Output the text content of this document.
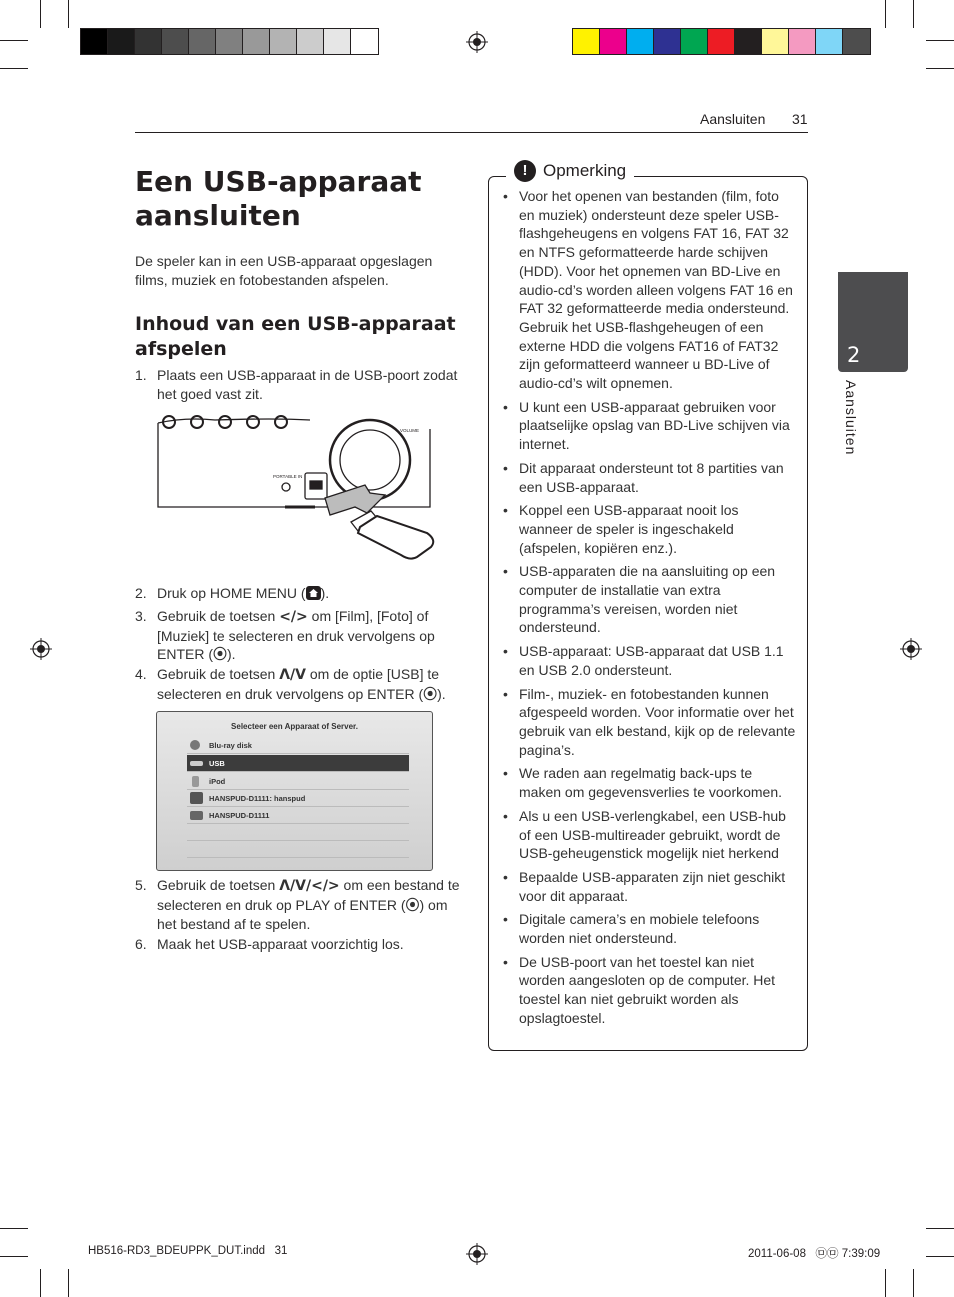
Aansluiten 31
2
Aansluiten
Een USB-apparaat aansluiten

De speler kan in een USB-apparaat opgeslagen films, muziek en fotobestanden afspelen.

Inhoud van een USB-apparaat afspelen
1. Plaats een USB-apparaat in de USB-poort zodat het goed vast zit.
VOLUME
PORTABLE IN
2. Druk op HOME MENU ( ).
3. Gebruik de toetsen </> om [Film], [Foto] of [Muziek] te selecteren en druk vervolgens op ENTER (⦿).
4. Gebruik de toetsen Λ/V om de optie [USB] te selecteren en druk vervolgens op ENTER (⦿).
Selecteer een Apparaat of Server.
Blu-ray disk
USB
iPod
HANSPUD-D1111: hanspud
HANSPUD-D1111
5. Gebruik de toetsen Λ/V/</> om een bestand te selecteren en druk op PLAY of ENTER (⦿) om het bestand af te spelen.
6. Maak het USB-apparaat voorzichtig los.
! Opmerking
• Voor het openen van bestanden (film, foto en muziek) ondersteunt deze speler USB-flashgeheugens en volgens FAT 16, FAT 32 en NTFS geformatteerde harde schijven (HDD). Voor het opnemen van BD-Live en audio-cd’s worden alleen volgens FAT 16 en FAT 32 geformatteerde media ondersteund. Gebruik het USB-flashgeheugen of een externe HDD die volgens FAT16 of FAT32 zijn geformatteerd wanneer u BD-Live of audio-cd’s wilt opnemen.
• U kunt een USB-apparaat gebruiken voor plaatselijke opslag van BD-Live schijven via internet.
• Dit apparaat ondersteunt tot 8 partities van een USB-apparaat.
• Koppel een USB-apparaat nooit los wanneer de speler is ingeschakeld (afspelen, kopiëren enz.).
• USB-apparaten die na aansluiting op een computer de installatie van extra programma’s vereisen, worden niet ondersteund.
• USB-apparaat: USB-apparaat dat USB 1.1 en USB 2.0 ondersteunt.
• Film-, muziek- en fotobestanden kunnen afgespeeld worden. Voor informatie over het gebruik van elk bestand, kijk op de relevante pagina’s.
• We raden aan regelmatig back-ups te maken om gegevensverlies te voorkomen.
• Als u een USB-verlengkabel, een USB-hub of een USB-multireader gebruikt, wordt de USB-geheugenstick mogelijk niet herkend
• Bepaalde USB-apparaten zijn niet geschikt voor dit apparaat.
• Digitale camera’s en mobiele telefoons worden niet ondersteund.
• De USB-poort van het toestel kan niet worden aangesloten op de computer. Het toestel kan niet gebruikt worden als opslagtoestel.
HB516-RD3_BDEUPPK_DUT.indd   31	2011-06-08   ㉤㉤ 7:39:09
